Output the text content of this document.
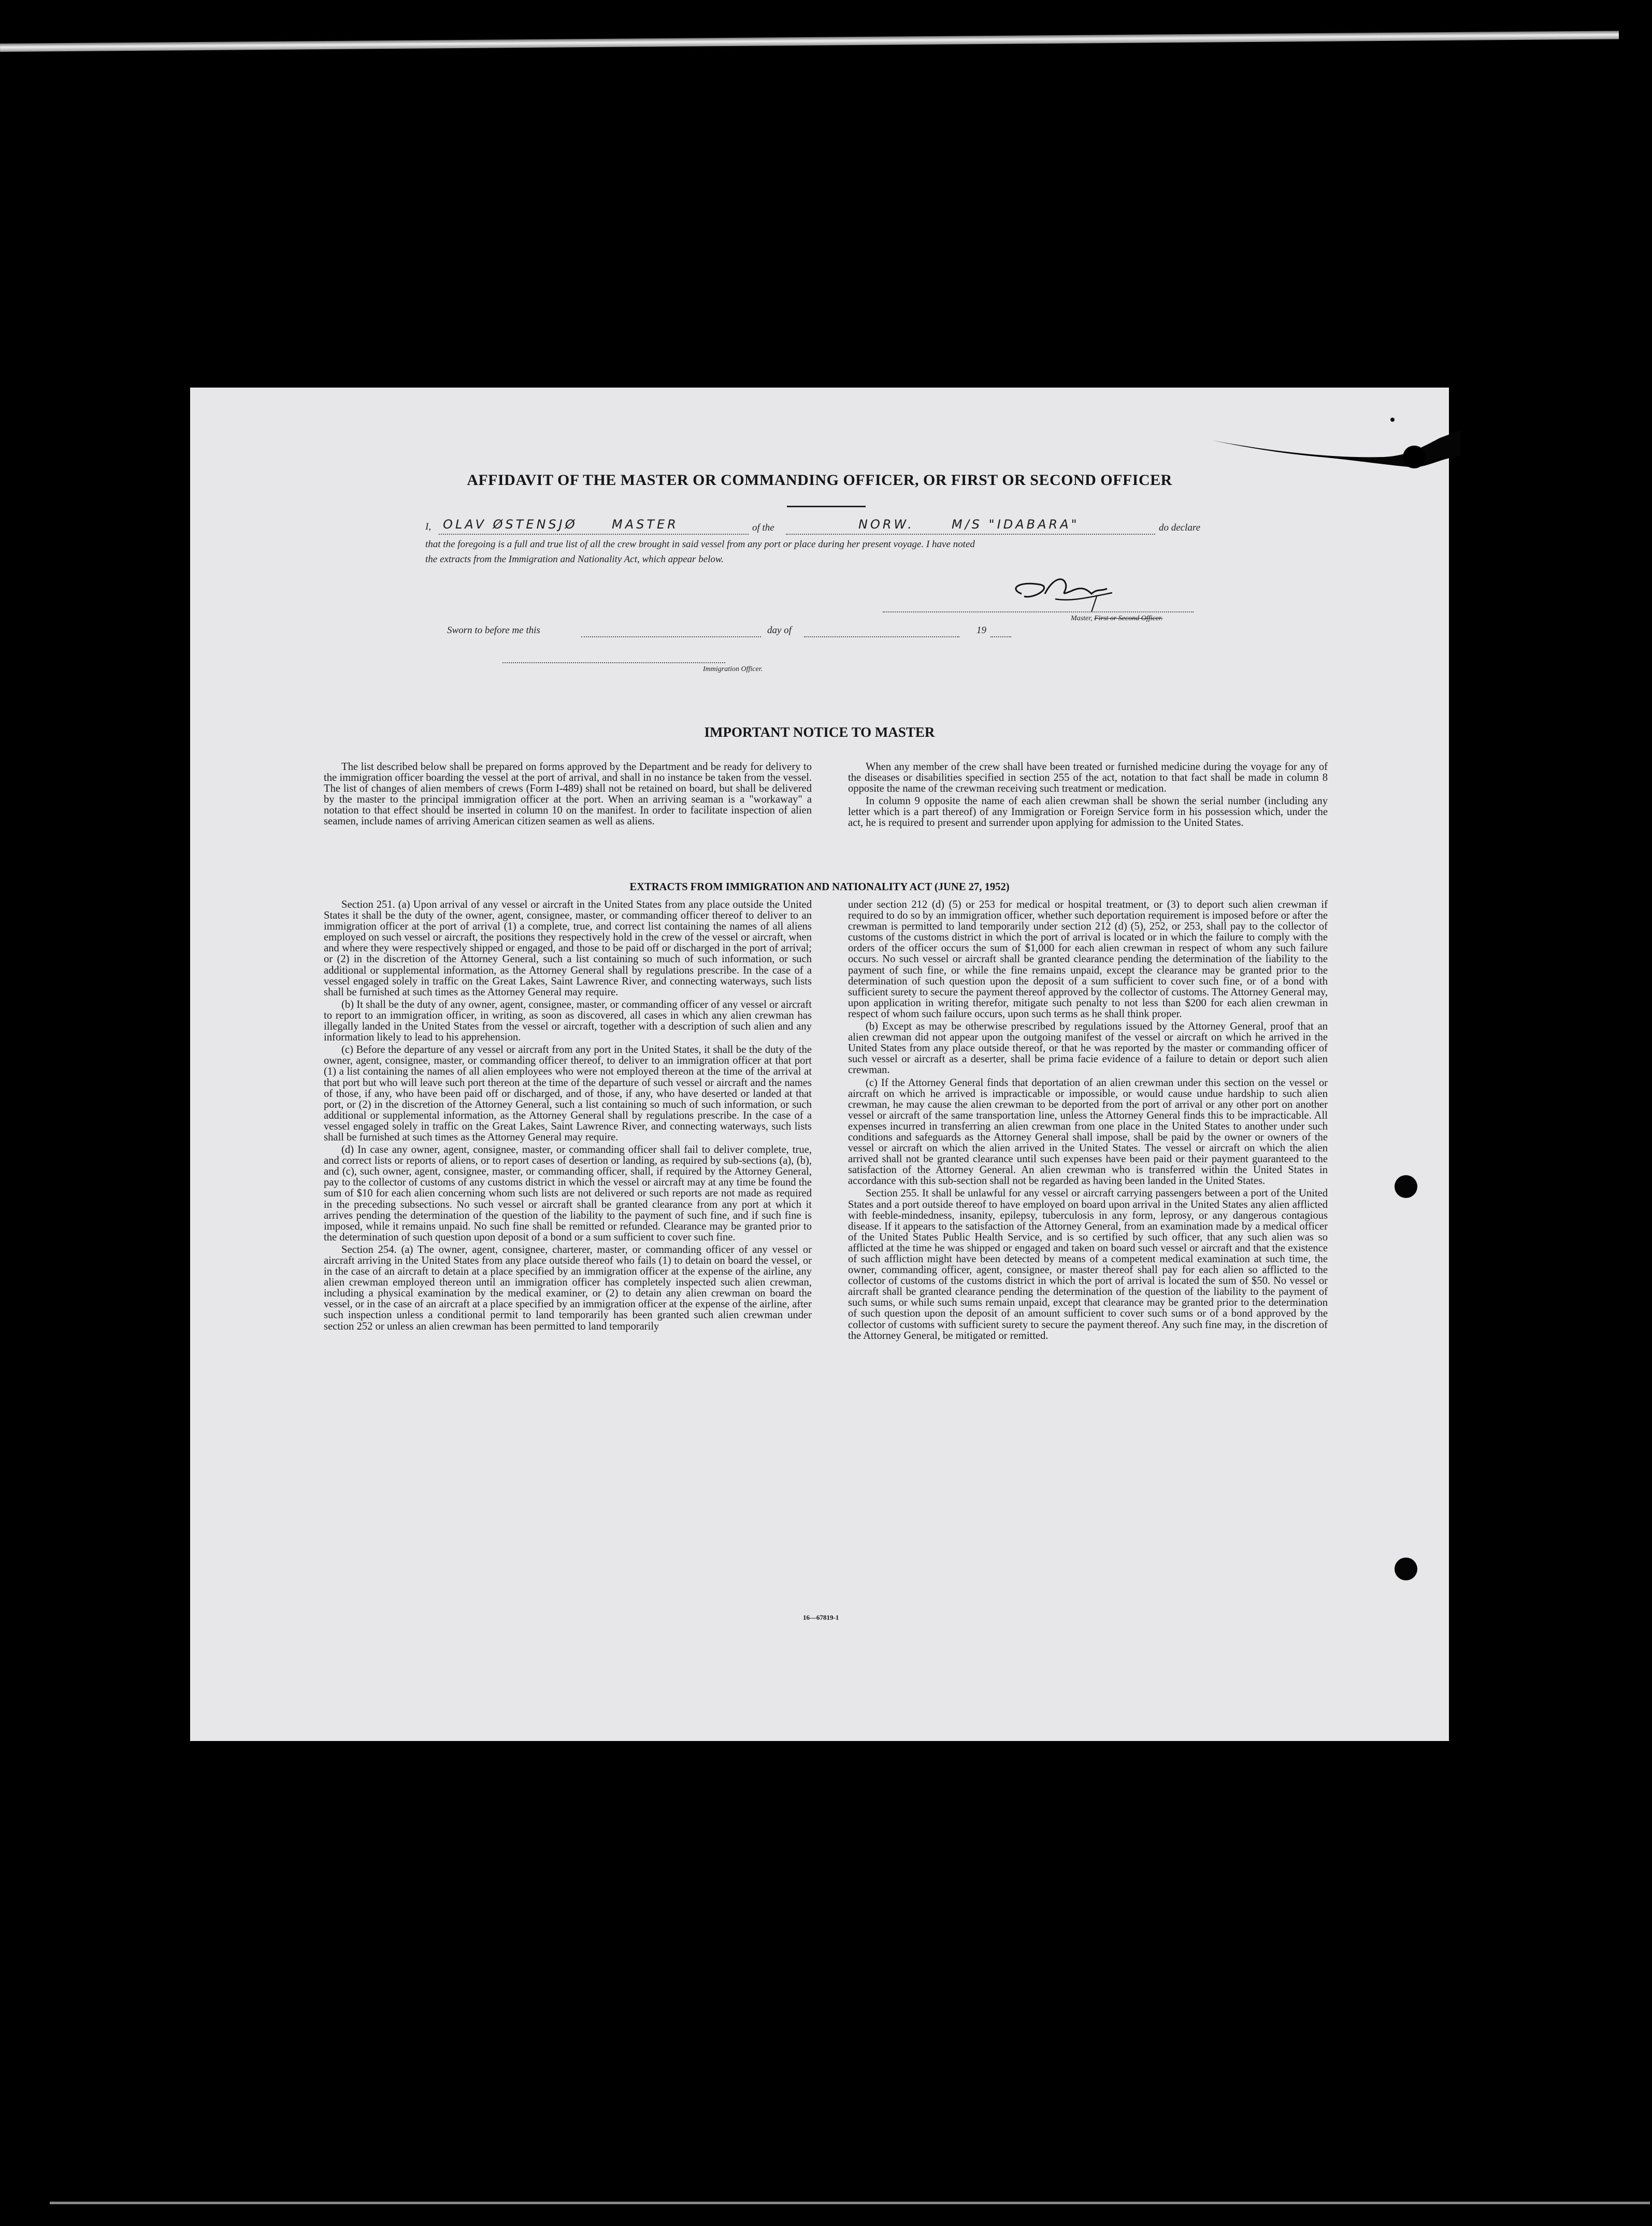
AFFIDAVIT OF THE MASTER OR COMMANDING OFFICER, OR FIRST OR SECOND OFFICER
I, OLAV ØSTENSJØ	MASTER	of the	NORW.	M/S "IDABARA"	do declare
that the foregoing is a full and true list of all the crew brought in said vessel from any port or place during her present voyage. I have noted
the extracts from the Immigration and Nationality Act, which appear below.
Master, First or Second Officer.
Sworn to before me this	day of	19
Immigration Officer.
IMPORTANT NOTICE TO MASTER

The list described below shall be prepared on forms approved by the Department and be ready for delivery to the immigration officer boarding the vessel at the port of arrival, and shall in no instance be taken from the vessel. The list of changes of alien members of crews (Form I-489) shall not be retained on board, but shall be delivered by the master to the principal immigration officer at the port. When an arriving seaman is a "workaway" a notation to that effect should be inserted in column 10 on the manifest. In order to facilitate inspection of alien seamen, include names of arriving American citizen seamen as well as aliens.

When any member of the crew shall have been treated or furnished medicine during the voyage for any of the diseases or disabilities specified in section 255 of the act, notation to that fact shall be made in column 8 opposite the name of the crewman receiving such treatment or medication.

In column 9 opposite the name of each alien crewman shall be shown the serial number (including any letter which is a part thereof) of any Immigration or Foreign Service form in his possession which, under the act, he is required to present and surrender upon applying for admission to the United States.

EXTRACTS FROM IMMIGRATION AND NATIONALITY ACT (JUNE 27, 1952)

Section 251. (a) Upon arrival of any vessel or aircraft in the United States from any place outside the United States it shall be the duty of the owner, agent, consignee, master, or commanding officer thereof to deliver to an immigration officer at the port of arrival (1) a complete, true, and correct list containing the names of all aliens employed on such vessel or aircraft, the positions they respectively hold in the crew of the vessel or aircraft, when and where they were respectively shipped or engaged, and those to be paid off or discharged in the port of arrival; or (2) in the discretion of the Attorney General, such a list containing so much of such information, or such additional or supplemental information, as the Attorney General shall by regulations prescribe. In the case of a vessel engaged solely in traffic on the Great Lakes, Saint Lawrence River, and connecting waterways, such lists shall be furnished at such times as the Attorney General may require.

(b) It shall be the duty of any owner, agent, consignee, master, or commanding officer of any vessel or aircraft to report to an immigration officer, in writing, as soon as discovered, all cases in which any alien crewman has illegally landed in the United States from the vessel or aircraft, together with a description of such alien and any information likely to lead to his apprehension.

(c) Before the departure of any vessel or aircraft from any port in the United States, it shall be the duty of the owner, agent, consignee, master, or commanding officer thereof, to deliver to an immigration officer at that port (1) a list containing the names of all alien employees who were not employed thereon at the time of the arrival at that port but who will leave such port thereon at the time of the departure of such vessel or aircraft and the names of those, if any, who have been paid off or discharged, and of those, if any, who have deserted or landed at that port, or (2) in the discretion of the Attorney General, such a list containing so much of such information, or such additional or supplemental information, as the Attorney General shall by regulations prescribe. In the case of a vessel engaged solely in traffic on the Great Lakes, Saint Lawrence River, and connecting waterways, such lists shall be furnished at such times as the Attorney General may require.

(d) In case any owner, agent, consignee, master, or commanding officer shall fail to deliver complete, true, and correct lists or reports of aliens, or to report cases of desertion or landing, as required by sub-sections (a), (b), and (c), such owner, agent, consignee, master, or commanding officer, shall, if required by the Attorney General, pay to the collector of customs of any customs district in which the vessel or aircraft may at any time be found the sum of $10 for each alien concerning whom such lists are not delivered or such reports are not made as required in the preceding subsections. No such vessel or aircraft shall be granted clearance from any port at which it arrives pending the determination of the question of the liability to the payment of such fine, and if such fine is imposed, while it remains unpaid. No such fine shall be remitted or refunded. Clearance may be granted prior to the determination of such question upon deposit of a bond or a sum sufficient to cover such fine.

Section 254. (a) The owner, agent, consignee, charterer, master, or commanding officer of any vessel or aircraft arriving in the United States from any place outside thereof who fails (1) to detain on board the vessel, or in the case of an aircraft to detain at a place specified by an immigration officer at the expense of the airline, any alien crewman employed thereon until an immigration officer has completely inspected such alien crewman, including a physical examination by the medical examiner, or (2) to detain any alien crewman on board the vessel, or in the case of an aircraft at a place specified by an immigration officer at the expense of the airline, after such inspection unless a conditional permit to land temporarily has been granted such alien crewman under section 252 or unless an alien crewman has been permitted to land temporarily

under section 212 (d) (5) or 253 for medical or hospital treatment, or (3) to deport such alien crewman if required to do so by an immigration officer, whether such deportation requirement is imposed before or after the crewman is permitted to land temporarily under section 212 (d) (5), 252, or 253, shall pay to the collector of customs of the customs district in which the port of arrival is located or in which the failure to comply with the orders of the officer occurs the sum of $1,000 for each alien crewman in respect of whom any such failure occurs. No such vessel or aircraft shall be granted clearance pending the determination of the liability to the payment of such fine, or while the fine remains unpaid, except the clearance may be granted prior to the determination of such question upon the deposit of a sum sufficient to cover such fine, or of a bond with sufficient surety to secure the payment thereof approved by the collector of customs. The Attorney General may, upon application in writing therefor, mitigate such penalty to not less than $200 for each alien crewman in respect of whom such failure occurs, upon such terms as he shall think proper.

(b) Except as may be otherwise prescribed by regulations issued by the Attorney General, proof that an alien crewman did not appear upon the outgoing manifest of the vessel or aircraft on which he arrived in the United States from any place outside thereof, or that he was reported by the master or commanding officer of such vessel or aircraft as a deserter, shall be prima facie evidence of a failure to detain or deport such alien crewman.

(c) If the Attorney General finds that deportation of an alien crewman under this section on the vessel or aircraft on which he arrived is impracticable or impossible, or would cause undue hardship to such alien crewman, he may cause the alien crewman to be deported from the port of arrival or any other port on another vessel or aircraft of the same transportation line, unless the Attorney General finds this to be impracticable. All expenses incurred in transferring an alien crewman from one place in the United States to another under such conditions and safeguards as the Attorney General shall impose, shall be paid by the owner or owners of the vessel or aircraft on which the alien arrived in the United States. The vessel or aircraft on which the alien arrived shall not be granted clearance until such expenses have been paid or their payment guaranteed to the satisfaction of the Attorney General. An alien crewman who is transferred within the United States in accordance with this sub-section shall not be regarded as having been landed in the United States.

Section 255. It shall be unlawful for any vessel or aircraft carrying passengers between a port of the United States and a port outside thereof to have employed on board upon arrival in the United States any alien afflicted with feeble-mindedness, insanity, epilepsy, tuberculosis in any form, leprosy, or any dangerous contagious disease. If it appears to the satisfaction of the Attorney General, from an examination made by a medical officer of the United States Public Health Service, and is so certified by such officer, that any such alien was so afflicted at the time he was shipped or engaged and taken on board such vessel or aircraft and that the existence of such affliction might have been detected by means of a competent medical examination at such time, the owner, commanding officer, agent, consignee, or master thereof shall pay for each alien so afflicted to the collector of customs of the customs district in which the port of arrival is located the sum of $50. No vessel or aircraft shall be granted clearance pending the determination of the question of the liability to the payment of such sums, or while such sums remain unpaid, except that clearance may be granted prior to the determination of such question upon the deposit of an amount sufficient to cover such sums or of a bond approved by the collector of customs with sufficient surety to secure the payment thereof. Any such fine may, in the discretion of the Attorney General, be mitigated or remitted.

16—67819-1
